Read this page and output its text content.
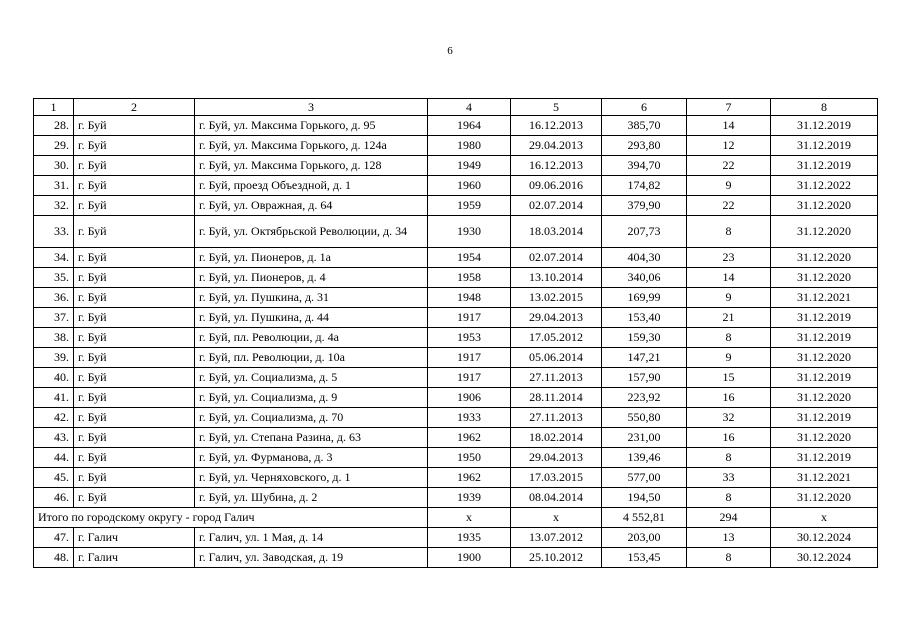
6
1	2	3	4	5	6	7	8
28.	г. Буй	г. Буй, ул. Максима Горького, д. 95	1964	16.12.2013	385,70	14	31.12.2019
29.	г. Буй	г. Буй, ул. Максима Горького, д. 124а	1980	29.04.2013	293,80	12	31.12.2019
30.	г. Буй	г. Буй, ул. Максима Горького, д. 128	1949	16.12.2013	394,70	22	31.12.2019
31.	г. Буй	г. Буй, проезд Объездной, д. 1	1960	09.06.2016	174,82	9	31.12.2022
32.	г. Буй	г. Буй, ул. Овражная, д. 64	1959	02.07.2014	379,90	22	31.12.2020
33.	г. Буй	г. Буй, ул. Октябрьской Революции, д. 34	1930	18.03.2014	207,73	8	31.12.2020
34.	г. Буй	г. Буй, ул. Пионеров, д. 1а	1954	02.07.2014	404,30	23	31.12.2020
35.	г. Буй	г. Буй, ул. Пионеров, д. 4	1958	13.10.2014	340,06	14	31.12.2020
36.	г. Буй	г. Буй, ул. Пушкина, д. 31	1948	13.02.2015	169,99	9	31.12.2021
37.	г. Буй	г. Буй, ул. Пушкина, д. 44	1917	29.04.2013	153,40	21	31.12.2019
38.	г. Буй	г. Буй, пл. Революции, д. 4а	1953	17.05.2012	159,30	8	31.12.2019
39.	г. Буй	г. Буй, пл. Революции, д. 10а	1917	05.06.2014	147,21	9	31.12.2020
40.	г. Буй	г. Буй, ул. Социализма, д. 5	1917	27.11.2013	157,90	15	31.12.2019
41.	г. Буй	г. Буй, ул. Социализма, д. 9	1906	28.11.2014	223,92	16	31.12.2020
42.	г. Буй	г. Буй, ул. Социализма, д. 70	1933	27.11.2013	550,80	32	31.12.2019
43.	г. Буй	г. Буй, ул. Степана Разина, д. 63	1962	18.02.2014	231,00	16	31.12.2020
44.	г. Буй	г. Буй, ул. Фурманова, д. 3	1950	29.04.2013	139,46	8	31.12.2019
45.	г. Буй	г. Буй, ул. Черняховского, д. 1	1962	17.03.2015	577,00	33	31.12.2021
46.	г. Буй	г. Буй, ул. Шубина, д. 2	1939	08.04.2014	194,50	8	31.12.2020
Итого по городскому округу - город Галич			х	х	4 552,81	294	х
47.	г. Галич	г. Галич, ул. 1 Мая, д. 14	1935	13.07.2012	203,00	13	30.12.2024
48.	г. Галич	г. Галич, ул. Заводская, д. 19	1900	25.10.2012	153,45	8	30.12.2024
